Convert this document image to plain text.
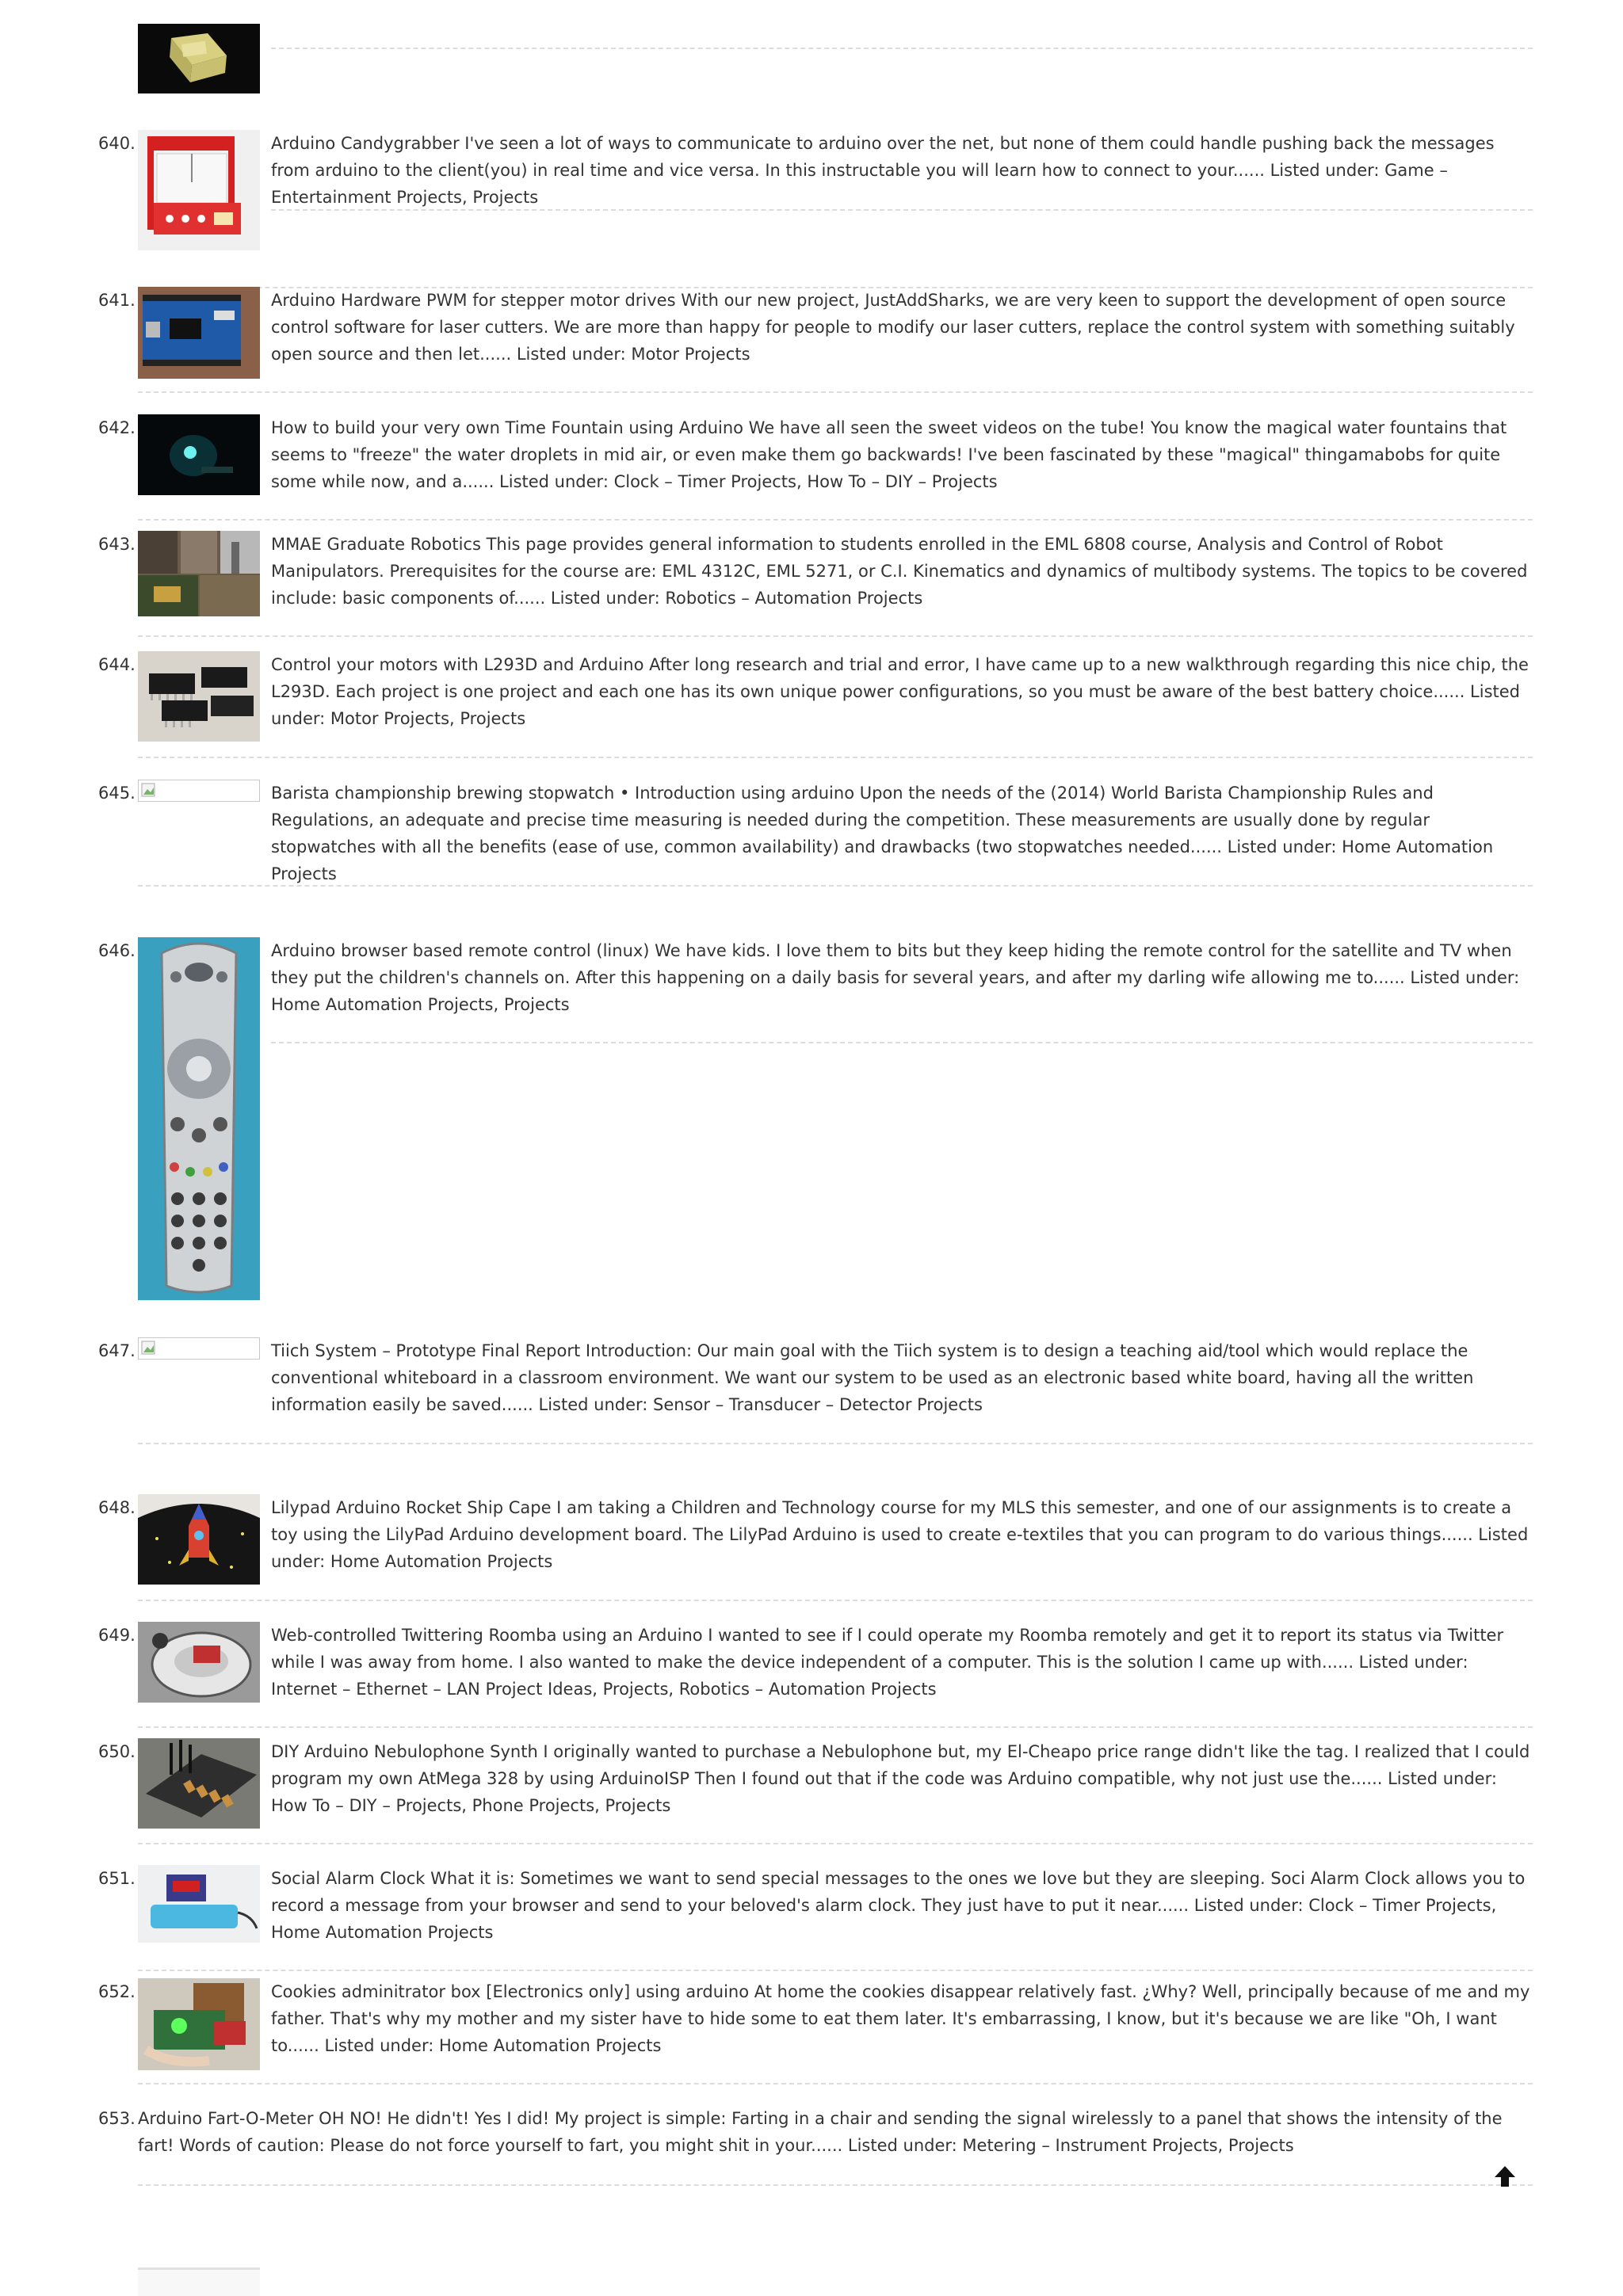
640.	Arduino Candygrabber I've seen a lot of ways to communicate to arduino over the net, but none of them could handle pushing back the messages from arduino to the client(you) in real time and vice versa. In this instructable you will learn how to connect to your...... Listed under: Game – Entertainment Projects, Projects
641.	Arduino Hardware PWM for stepper motor drives With our new project, JustAddSharks, we are very keen to support the development of open source control software for laser cutters. We are more than happy for people to modify our laser cutters, replace the control system with something suitably open source and then let...... Listed under: Motor Projects
642.	How to build your very own Time Fountain using Arduino We have all seen the sweet videos on the tube! You know the magical water fountains that seems to "freeze" the water droplets in mid air, or even make them go backwards! I've been fascinated by these "magical" thingamabobs for quite some while now, and a...... Listed under: Clock – Timer Projects, How To – DIY – Projects
643.	MMAE Graduate Robotics This page provides general information to students enrolled in the EML 6808 course, Analysis and Control of Robot Manipulators. Prerequisites for the course are: EML 4312C, EML 5271, or C.I. Kinematics and dynamics of multibody systems. The topics to be covered include: basic components of...... Listed under: Robotics – Automation Projects
644.	Control your motors with L293D and Arduino After long research and trial and error, I have came up to a new walkthrough regarding this nice chip, the L293D. Each project is one project and each one has its own unique power configurations, so you must be aware of the best battery choice...... Listed under: Motor Projects, Projects
645.	Barista championship brewing stopwatch • Introduction using arduino Upon the needs of the (2014) World Barista Championship Rules and Regulations, an adequate and precise time measuring is needed during the competition. These measurements are usually done by regular stopwatches with all the benefits (ease of use, common availability) and drawbacks (two stopwatches needed...... Listed under: Home Automation Projects
646.	Arduino browser based remote control (linux) We have kids. I love them to bits but they keep hiding the remote control for the satellite and TV when they put the children's channels on. After this happening on a daily basis for several years, and after my darling wife allowing me to...... Listed under: Home Automation Projects, Projects
647.	Tiich System – Prototype Final Report Introduction: Our main goal with the Tiich system is to design a teaching aid/tool which would replace the conventional whiteboard in a classroom environment. We want our system to be used as an electronic based white board, having all the written information easily be saved...... Listed under: Sensor – Transducer – Detector Projects
648.	Lilypad Arduino Rocket Ship Cape I am taking a Children and Technology course for my MLS this semester, and one of our assignments is to create a toy using the LilyPad Arduino development board. The LilyPad Arduino is used to create e-textiles that you can program to do various things...... Listed under: Home Automation Projects
649.	Web-controlled Twittering Roomba using an Arduino I wanted to see if I could operate my Roomba remotely and get it to report its status via Twitter while I was away from home. I also wanted to make the device independent of a computer. This is the solution I came up with...... Listed under: Internet – Ethernet – LAN Project Ideas, Projects, Robotics – Automation Projects
650.	DIY Arduino Nebulophone Synth I originally wanted to purchase a Nebulophone but, my El-Cheapo price range didn't like the tag. I realized that I could program my own AtMega 328 by using ArduinoISP Then I found out that if the code was Arduino compatible, why not just use the...... Listed under: How To – DIY – Projects, Phone Projects, Projects
651.	Social Alarm Clock What it is: Sometimes we want to send special messages to the ones we love but they are sleeping. Soci Alarm Clock allows you to record a message from your browser and send to your beloved's alarm clock. They just have to put it near...... Listed under: Clock – Timer Projects, Home Automation Projects
652.	Cookies adminitrator box [Electronics only] using arduino At home the cookies disappear relatively fast. ¿Why? Well, principally because of me and my father. That's why my mother and my sister have to hide some to eat them later. It's embarrassing, I know, but it's because we are like "Oh, I want to...... Listed under: Home Automation Projects
653. Arduino Fart-O-Meter OH NO! He didn't! Yes I did! My project is simple: Farting in a chair and sending the signal wirelessly to a panel that shows the intensity of the fart! Words of caution: Please do not force yourself to fart, you might shit in your...... Listed under: Metering – Instrument Projects, Projects
